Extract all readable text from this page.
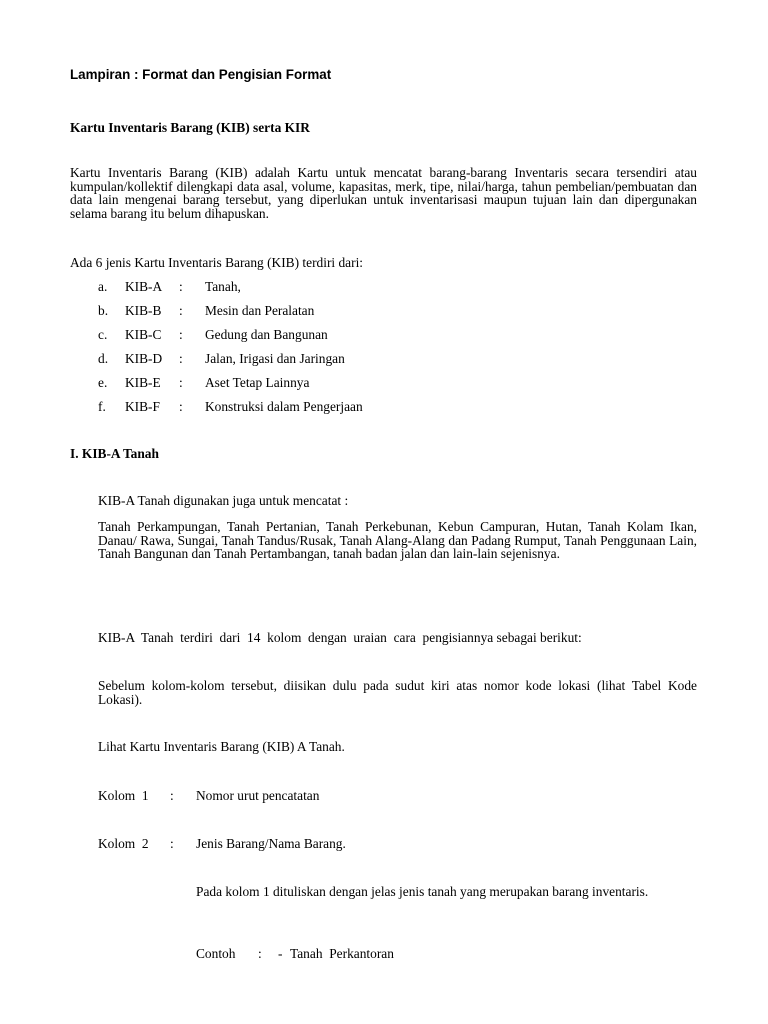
Lampiran : Format dan Pengisian Format
Kartu Inventaris Barang (KIB) serta KIR
Kartu Inventaris Barang (KIB) adalah Kartu untuk mencatat barang-barang Inventaris secara tersendiri atau kumpulan/kollektif dilengkapi data asal, volume, kapasitas, merk, tipe, nilai/harga, tahun pembelian/pembuatan dan data lain mengenai barang tersebut, yang diperlukan untuk inventarisasi maupun tujuan lain dan dipergunakan selama barang itu belum dihapuskan.
Ada 6 jenis Kartu Inventaris Barang (KIB) terdiri dari:
a. KIB-A : Tanah,
b. KIB-B : Mesin dan Peralatan
c. KIB-C : Gedung dan Bangunan
d. KIB-D : Jalan, Irigasi dan Jaringan
e. KIB-E : Aset Tetap Lainnya
f. KIB-F : Konstruksi dalam Pengerjaan
I. KIB-A Tanah
KIB-A Tanah digunakan juga untuk mencatat :
Tanah Perkampungan, Tanah Pertanian, Tanah Perkebunan, Kebun Campuran, Hutan, Tanah Kolam Ikan, Danau/ Rawa, Sungai, Tanah Tandus/Rusak, Tanah Alang-Alang dan Padang Rumput, Tanah Penggunaan Lain, Tanah Bangunan dan Tanah Pertambangan, tanah badan jalan dan lain-lain sejenisnya.
KIB-A  Tanah  terdiri  dari  14  kolom  dengan  uraian  cara  pengisiannya sebagai berikut:
Sebelum kolom-kolom tersebut, diisikan dulu pada sudut kiri atas nomor kode lokasi (lihat Tabel Kode Lokasi).
Lihat Kartu Inventaris Barang (KIB) A Tanah.
Kolom  1 : Nomor urut pencatatan
Kolom  2 : Jenis Barang/Nama Barang.
Pada kolom 1 dituliskan dengan jelas jenis tanah yang merupakan barang inventaris.
Contoh : - Tanah  Perkantoran
